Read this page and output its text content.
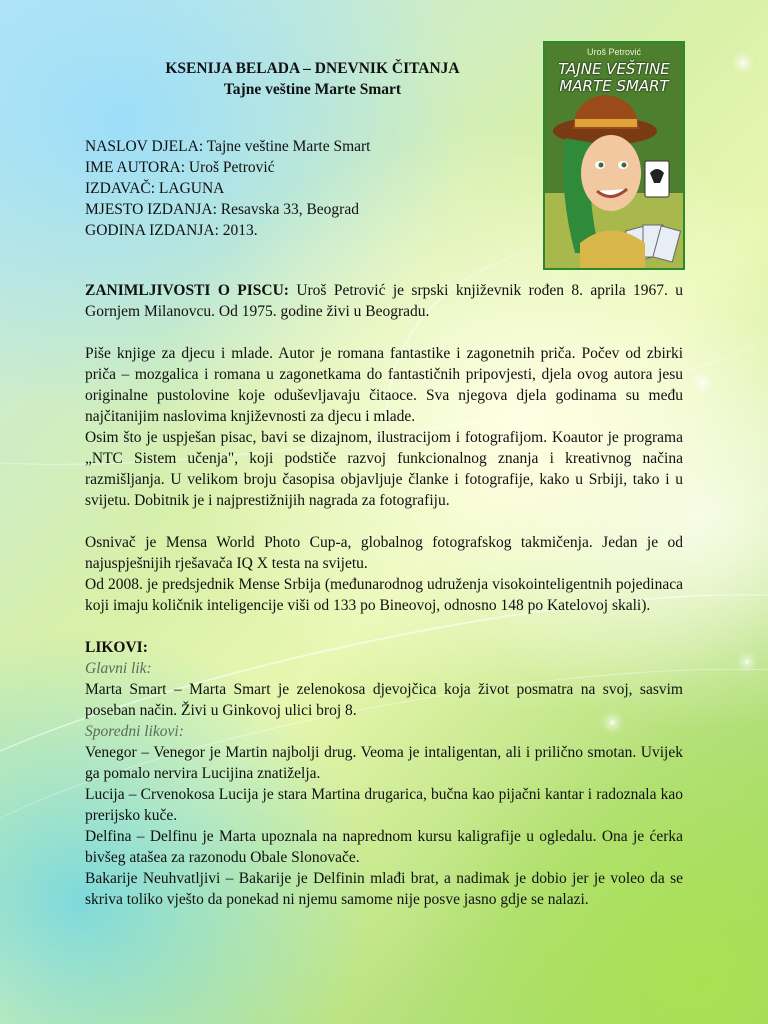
KSENIJA BELADA – DNEVNIK ČITANJA
Tajne veštine Marte Smart
NASLOV DJELA: Tajne veštine Marte Smart
IME AUTORA: Uroš Petrović
IZDAVAČ: LAGUNA
MJESTO IZDANJA: Resavska 33, Beograd
GODINA IZDANJA: 2013.
Uroš Petrović
TAJNE VEŠTINE
MARTE SMART

ZANIMLJIVOSTI O PISCU: Uroš Petrović je srpski književnik rođen 8. aprila 1967. u Gornjem Milanovcu. Od 1975. godine živi u Beogradu.

Piše knjige za djecu i mlade. Autor je romana fantastike i zagonetnih priča. Počev od zbirki priča – mozgalica i romana u zagonetkama do fantastičnih pripovjesti, djela ovog autora jesu originalne pustolovine koje oduševljavaju čitaoce. Sva njegova djela godinama su među najčitanijim naslovima književnosti za djecu i mlade.

Osim što je uspješan pisac, bavi se dizajnom, ilustracijom i fotografijom. Koautor je programa „NTC Sistem učenja", koji podstiče razvoj funkcionalnog znanja i kreativnog načina razmišljanja. U velikom broju časopisa objavljuje članke i fotografije, kako u Srbiji, tako i u svijetu. Dobitnik je i najprestižnijih nagrada za fotografiju.

Osnivač je Mensa World Photo Cup-a, globalnog fotografskog takmičenja. Jedan je od najuspješnijih rješavača IQ X testa na svijetu.

Od 2008. je predsjednik Mense Srbija (međunarodnog udruženja visokointeligentnih pojedinaca koji imaju količnik inteligencije viši od 133 po Bineovoj, odnosno 148 po Katelovoj skali).

LIKOVI:

Glavni lik:

Marta Smart – Marta Smart je zelenokosa djevojčica koja život posmatra na svoj, sasvim poseban način. Živi u Ginkovoj ulici broj 8.

Sporedni likovi:

Venegor – Venegor je Martin najbolji drug. Veoma je intaligentan, ali i prilično smotan. Uvijek ga pomalo nervira Lucijina znatiželja.

Lucija – Crvenokosa Lucija je stara Martina drugarica, bučna kao pijačni kantar i radoznala kao prerijsko kuče.

Delfina – Delfinu je Marta upoznala na naprednom kursu kaligrafije u ogledalu. Ona je ćerka bivšeg atašea za razonodu Obale Slonovače.

Bakarije Neuhvatljivi – Bakarije je Delfinin mlađi brat, a nadimak je dobio jer je voleo da se skriva toliko vješto da ponekad ni njemu samome nije posve jasno gdje se nalazi.
